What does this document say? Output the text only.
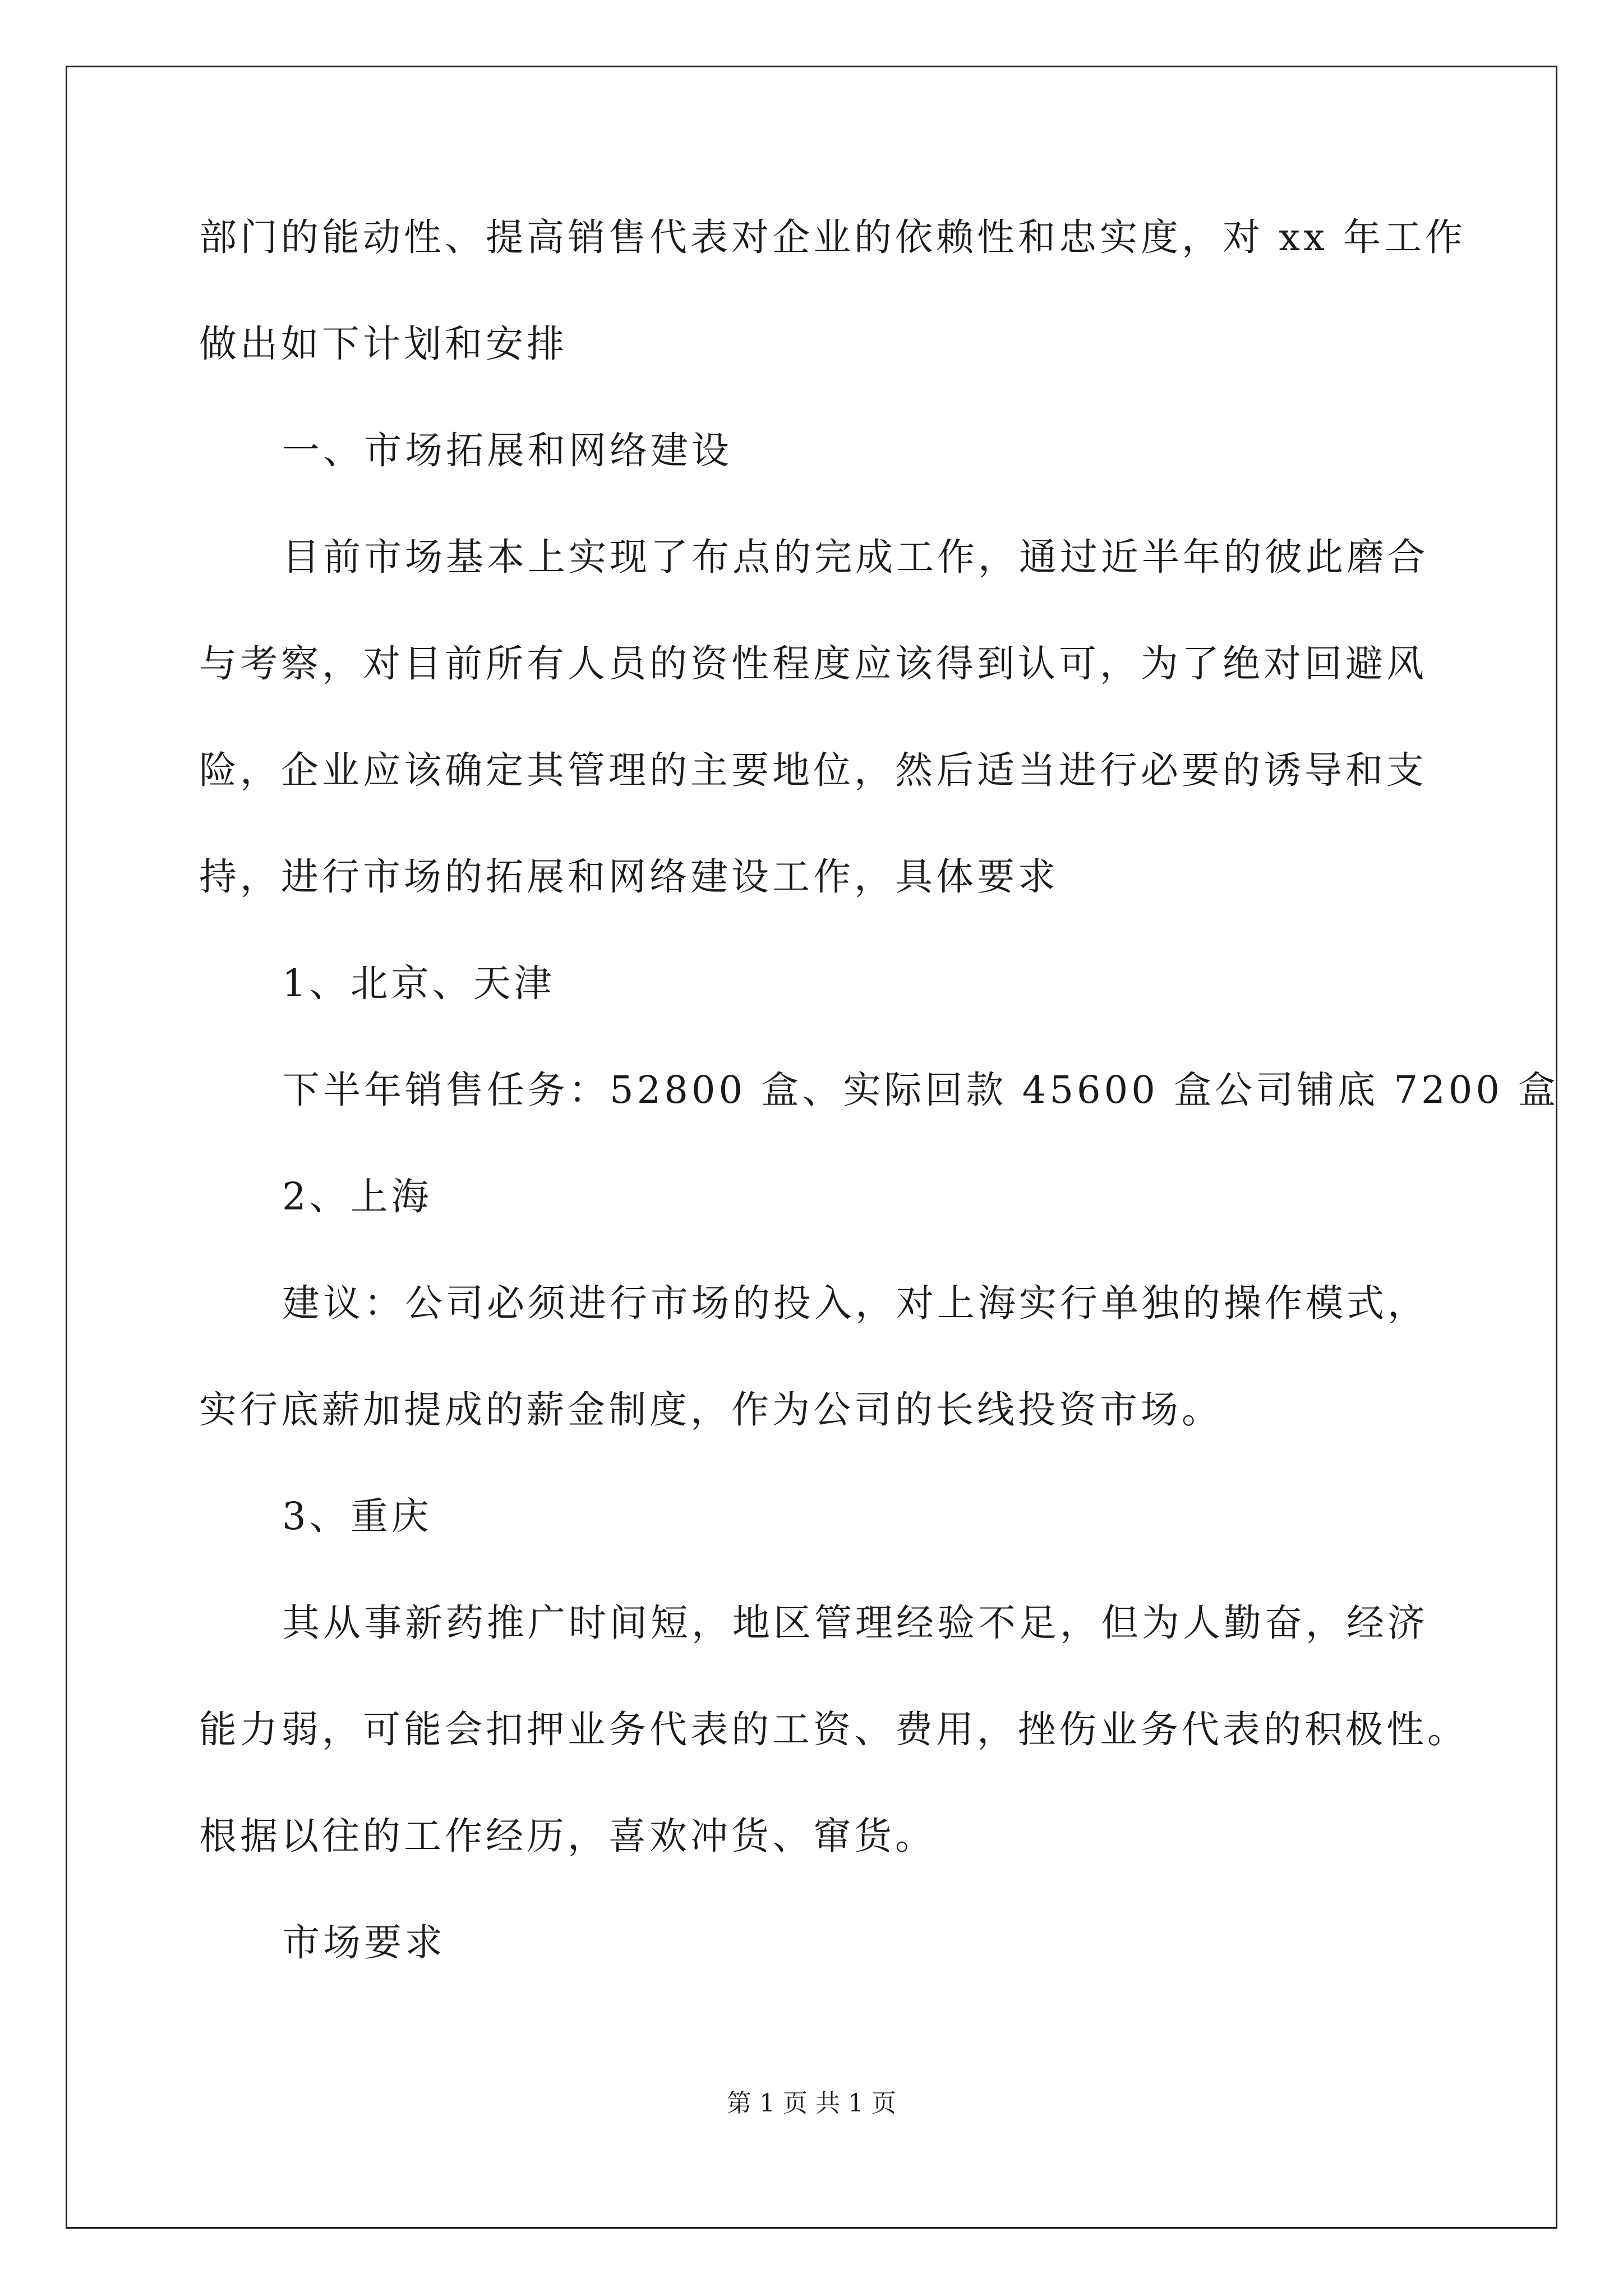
部门的能动性、提高销售代表对企业的依赖性和忠实度，对 xx 年工作
做出如下计划和安排
一、市场拓展和网络建设
目前市场基本上实现了布点的完成工作，通过近半年的彼此磨合
与考察，对目前所有人员的资性程度应该得到认可，为了绝对回避风
险，企业应该确定其管理的主要地位，然后适当进行必要的诱导和支
持，进行市场的拓展和网络建设工作，具体要求
1、北京、天津
下半年销售任务：52800 盒、实际回款 45600 盒公司铺底 7200 盒
2、上海
建议：公司必须进行市场的投入，对上海实行单独的操作模式，
实行底薪加提成的薪金制度，作为公司的长线投资市场。
3、重庆
其从事新药推广时间短，地区管理经验不足，但为人勤奋，经济
能力弱，可能会扣押业务代表的工资、费用，挫伤业务代表的积极性。
根据以往的工作经历，喜欢冲货、窜货。
市场要求
第 1 页 共 1 页
